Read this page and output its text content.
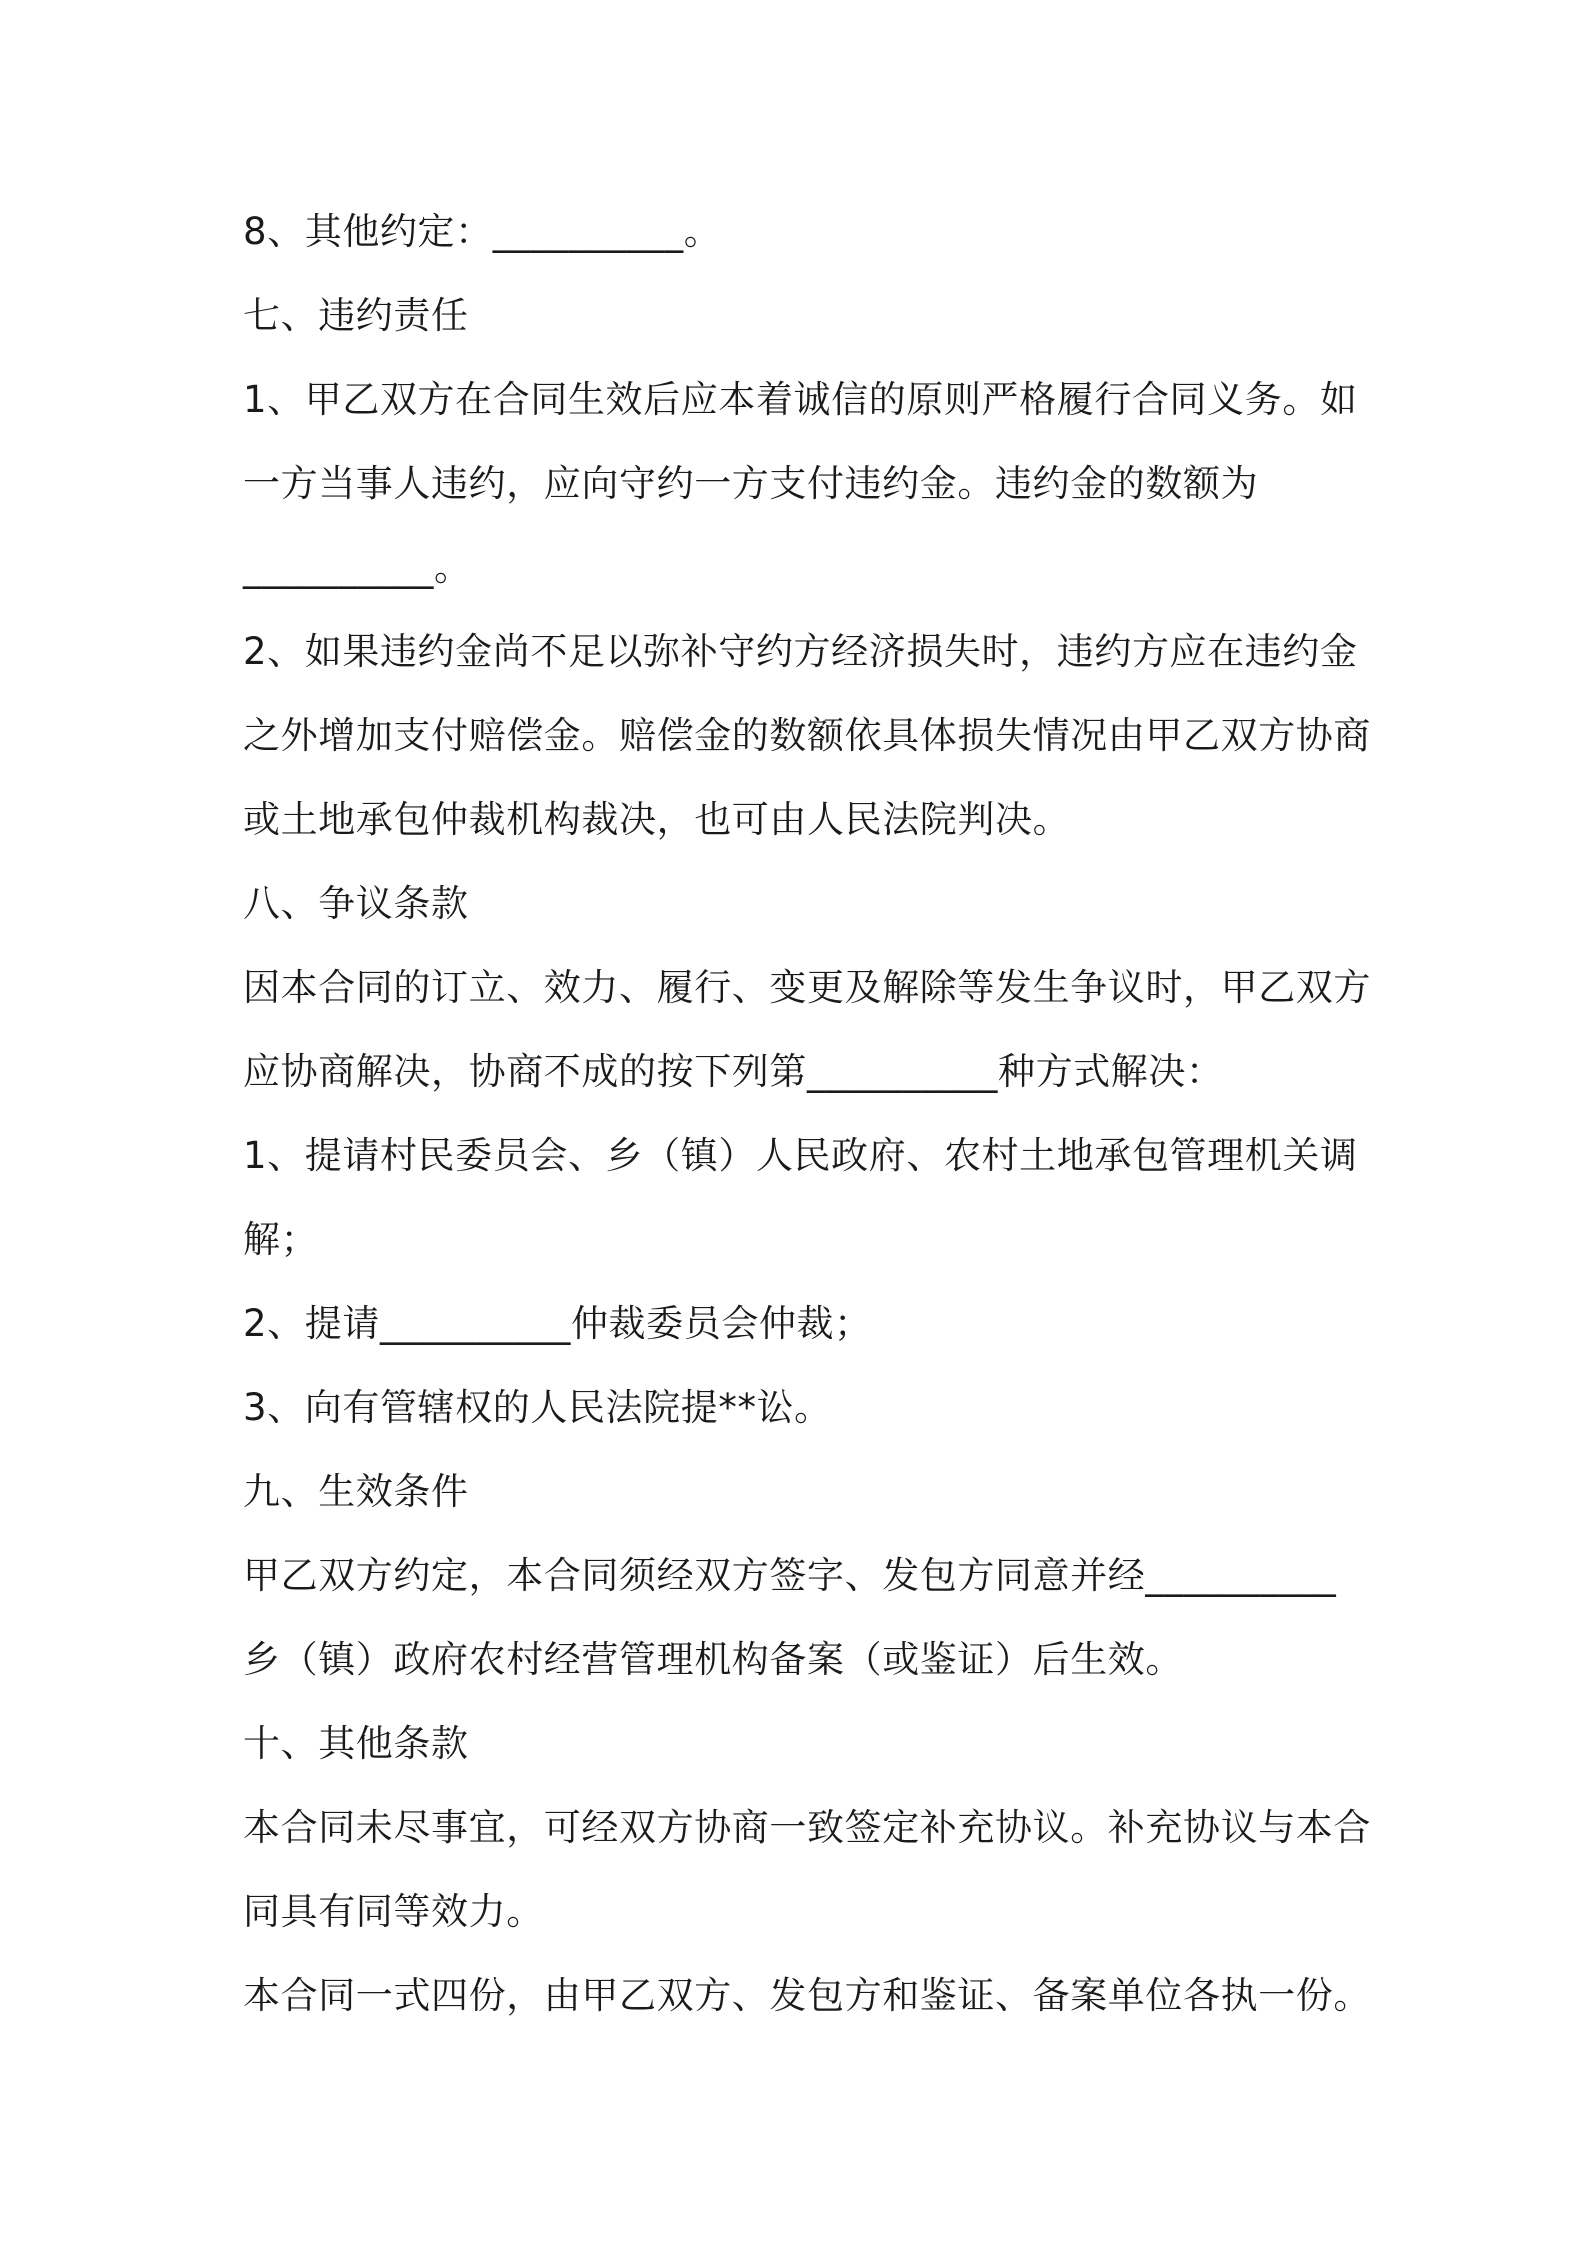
8、其他约定：__________。

七、违约责任

1、甲乙双方在合同生效后应本着诚信的原则严格履行合同义务。如

一方当事人违约，应向守约一方支付违约金。违约金的数额为

__________。

2、如果违约金尚不足以弥补守约方经济损失时，违约方应在违约金

之外增加支付赔偿金。赔偿金的数额依具体损失情况由甲乙双方协商

或土地承包仲裁机构裁决，也可由人民法院判决。

八、争议条款

因本合同的订立、效力、履行、变更及解除等发生争议时，甲乙双方

应协商解决，协商不成的按下列第__________种方式解决：

1、提请村民委员会、乡（镇）人民政府、农村土地承包管理机关调

解；

2、提请__________仲裁委员会仲裁；

3、向有管辖权的人民法院提**讼。

九、生效条件

甲乙双方约定，本合同须经双方签字、发包方同意并经__________

乡（镇）政府农村经营管理机构备案（或鉴证）后生效。

十、其他条款

本合同未尽事宜，可经双方协商一致签定补充协议。补充协议与本合

同具有同等效力。

本合同一式四份，由甲乙双方、发包方和鉴证、备案单位各执一份。
